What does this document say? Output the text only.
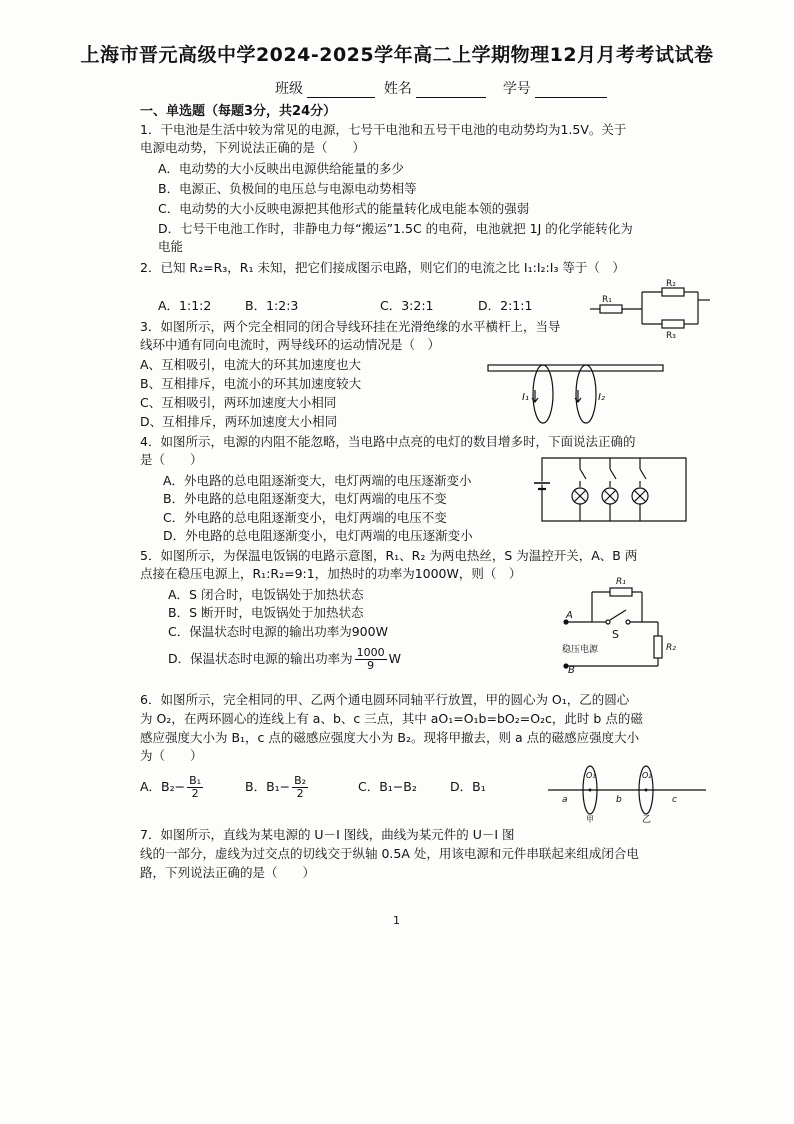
上海市晋元高级中学2024-2025学年高二上学期物理12月月考考试试卷
班级	姓名	学号
一、单选题（每题3分，共24分）
1．干电池是生活中较为常见的电源，七号干电池和五号干电池的电动势均为1.5V。关于
电源电动势，下列说法正确的是（　　）
A．电动势的大小反映出电源供给能量的多少
B．电源正、负极间的电压总与电源电动势相等
C．电动势的大小反映电源把其他形式的能量转化成电能本领的强弱
D．七号干电池工作时，非静电力每“搬运”1.5C 的电荷，电池就把 1J 的化学能转化为
电能
2．已知 R₂=R₃，R₁ 未知，把它们接成图示电路，则它们的电流之比 I₁:I₂:I₃ 等于（　）
A．1:1:2	B．1:2:3	C．3:2:1	D．2:1:1	R₁
R₂
R₃
3．如图所示，两个完全相同的闭合导线环挂在光滑绝缘的水平横杆上，当导
线环中通有同向电流时，两导线环的运动情况是（　）
A、互相吸引，电流大的环其加速度也大
B、互相排斥，电流小的环其加速度较大
C、互相吸引，两环加速度大小相同
D、互相排斥，两环加速度大小相同
I₁	I₂
4．如图所示，电源的内阻不能忽略，当电路中点亮的电灯的数目增多时，下面说法正确的
是（　　）
A．外电路的总电阻逐渐变大，电灯两端的电压逐渐变小
B．外电路的总电阻逐渐变大，电灯两端的电压不变
C．外电路的总电阻逐渐变小，电灯两端的电压不变
D．外电路的总电阻逐渐变小，电灯两端的电压逐渐变小
5．如图所示，为保温电饭锅的电路示意图，R₁、R₂ 为两电热丝，S 为温控开关，A、B 两
点接在稳压电源上，R₁:R₂=9:1，加热时的功率为1000W，则（　）
A．S 闭合时，电饭锅处于加热状态
B．S 断开时，电饭锅处于加热状态
C．保温状态时电源的输出功率为900W
D．保温状态时电源的输出功率为 $\frac{1000}{9}$ W
R₁
R₂
S
A
B
稳压电源
6．如图所示，完全相同的甲、乙两个通电圆环同轴平行放置，甲的圆心为 O₁，乙的圆心
为 O₂，在两环圆心的连线上有 a、b、c 三点，其中 aO₁=O₁b=bO₂=O₂c，此时 b 点的磁
感应强度大小为 B₁，c 点的磁感应强度大小为 B₂。现将甲撤去，则 a 点的磁感应强度大小
为（　　）
A．$B_2- \frac{\text{B₁}}{2}$	B．$B_1- \frac{\text{B₂}}{2}$	C．B₁−B₂	D．B₁
O₁	O₂
a	b	c
甲	乙
7．如图所示，直线为某电源的 U－I 图线，曲线为某元件的 U－I 图
线的一部分，虚线为过交点的切线交于纵轴 0.5A 处，用该电源和元件串联起来组成闭合电
路，下列说法正确的是（　　）
1
